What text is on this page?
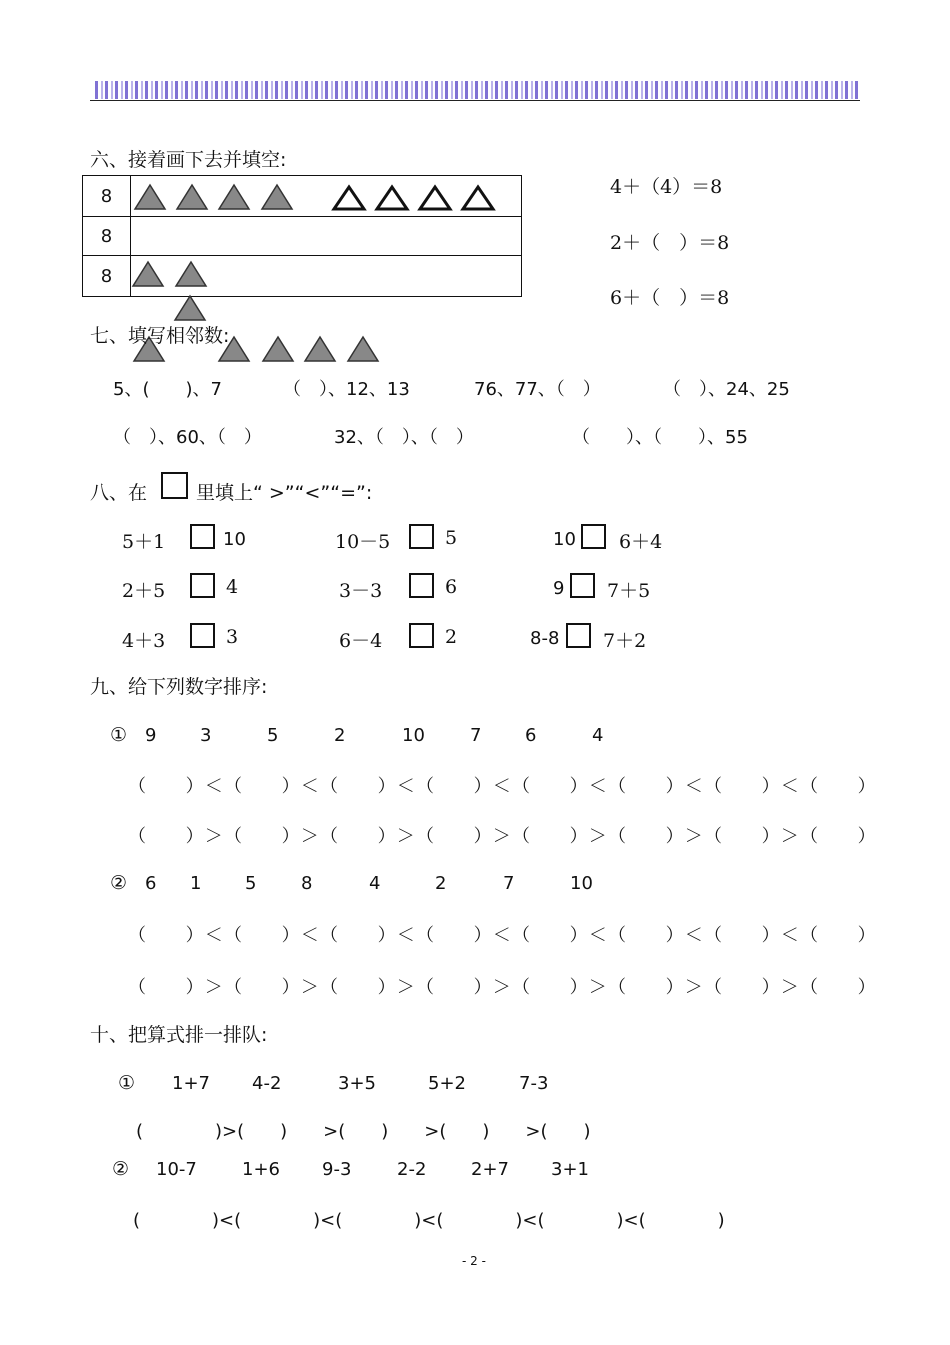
六、接着画下去并填空:
8	
8	
8	
4＋（4）＝8
2＋（　）＝8
6＋（　）＝8
七、填写相邻数:
5、(　　)、7	（　）、12、13	76、77、（　）	（　）、24、25
（　）、60、（　）	32、（　）、（　）	（　　）、（　　）、55
八、在	里填上“ >”“<”“=”:
5＋1	10	10－5	5	10 6＋4
2＋5	4	3－3	6	9 7＋5
4＋3	3	6－4	2	8-8 7＋2
九、给下列数字排序:
① 9 3	5	2	10	7 6	4
（　　）＜（　　）＜（　　）＜（　　）＜（　　）＜（　　）＜（　　）＜（　　）
（　　）＞（　　）＞（　　）＞（　　）＞（　　）＞（　　）＞（　　）＞（　　）
② 6 1 5 8	4	2	7	10
（　　）＜（　　）＜（　　）＜（　　）＜（　　）＜（　　）＜（　　）＜（　　）
（　　）＞（　　）＞（　　）＞（　　）＞（　　）＞（　　）＞（　　）＞（　　）
十、把算式排一排队:
① 1+7 4-2	3+5	5+2	7-3
(　　　　)>(　　)　　>(　　)　　>(　　)　　>(　　)
② 10-7	1+6 9-3	2-2 2+7 3+1
(　　　　)<(　　　　)<(　　　　)<(　　　　)<(　　　　)<(　　　　)
- 2 -
